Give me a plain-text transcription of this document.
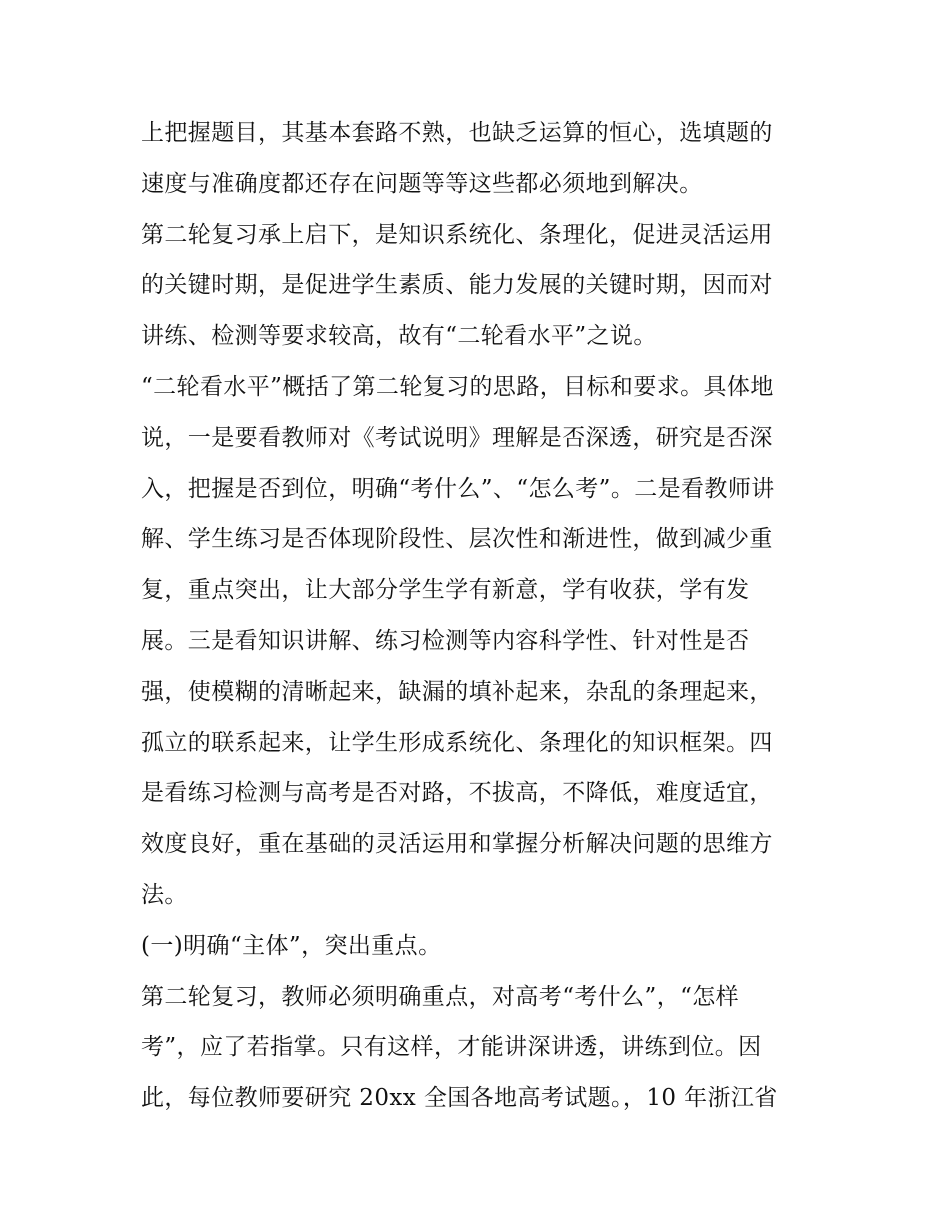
上把握题目，其基本套路不熟，也缺乏运算的恒心，选填题的
速度与准确度都还存在问题等等这些都必须地到解决。
第二轮复习承上启下，是知识系统化、条理化，促进灵活运用
的关键时期，是促进学生素质、能力发展的关键时期，因而对
讲练、检测等要求较高，故有“二轮看水平”之说。
“二轮看水平”概括了第二轮复习的思路，目标和要求。具体地
说，一是要看教师对《考试说明》理解是否深透，研究是否深
入，把握是否到位，明确“考什么”、“怎么考”。二是看教师讲
解、学生练习是否体现阶段性、层次性和渐进性，做到减少重
复，重点突出，让大部分学生学有新意，学有收获，学有发
展。三是看知识讲解、练习检测等内容科学性、针对性是否
强，使模糊的清晰起来，缺漏的填补起来，杂乱的条理起来，
孤立的联系起来，让学生形成系统化、条理化的知识框架。四
是看练习检测与高考是否对路，不拔高，不降低，难度适宜，
效度良好，重在基础的灵活运用和掌握分析解决问题的思维方
法。
(一)明确“主体”，突出重点。
第二轮复习，教师必须明确重点，对高考“考什么”，“怎样
考”，应了若指掌。只有这样，才能讲深讲透，讲练到位。因
此，每位教师要研究 20xx 全国各地高考试题。，10 年浙江省
